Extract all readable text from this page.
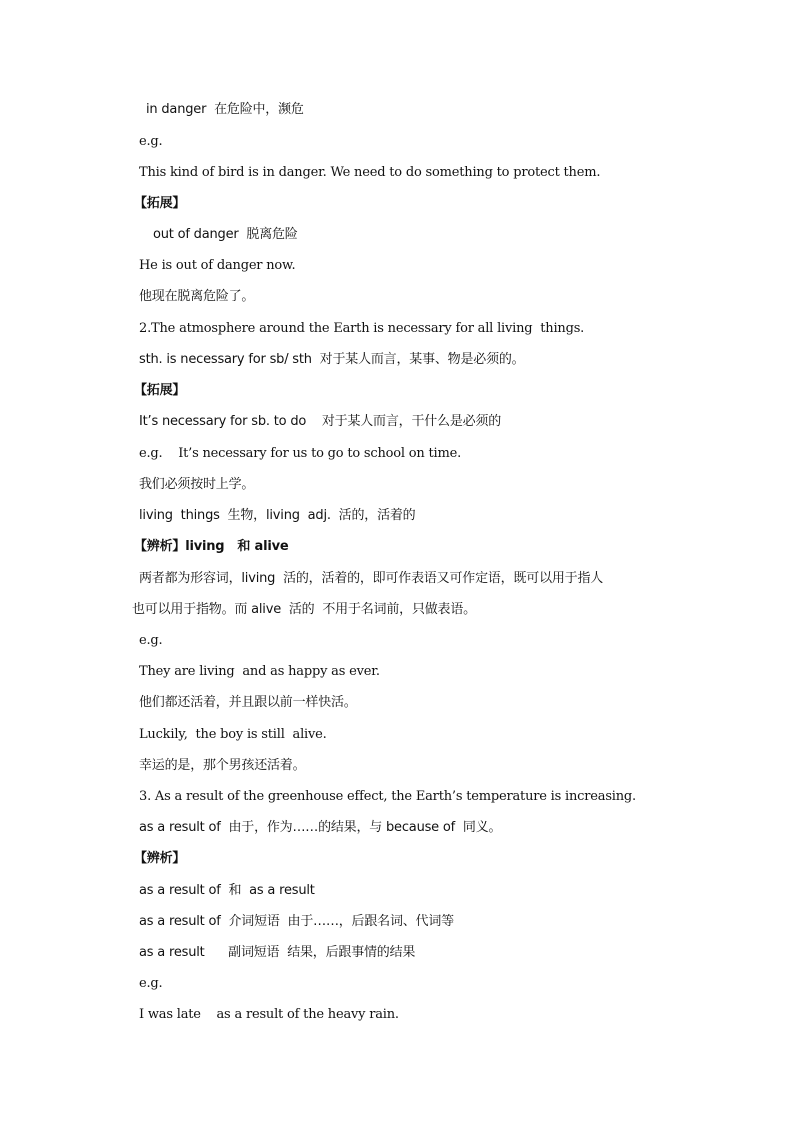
in danger  在危险中，濒危
e.g.
This kind of bird is in danger. We need to do something to protect them.
【拓展】
out of danger  脱离危险
He is out of danger now.
他现在脱离危险了。
2.The atmosphere around the Earth is necessary for all living  things.
sth. is necessary for sb/ sth  对于某人而言，某事、物是必须的。
【拓展】
It’s necessary for sb. to do    对于某人而言，干什么是必须的
e.g.    It’s necessary for us to go to school on time.
我们必须按时上学。
living  things  生物，living  adj.  活的，活着的
【辨析】living   和 alive
两者都为形容词，living  活的，活着的，即可作表语又可作定语，既可以用于指人
也可以用于指物。而 alive  活的  不用于名词前，只做表语。
e.g.
They are living  and as happy as ever.
他们都还活着，并且跟以前一样快活。
Luckily,  the boy is still  alive.
幸运的是，那个男孩还活着。
3. As a result of the greenhouse effect, the Earth’s temperature is increasing.
as a result of  由于，作为……的结果，与 because of  同义。
【辨析】
as a result of  和  as a result
as a result of  介词短语  由于……，后跟名词、代词等
as a result      副词短语  结果，后跟事情的结果
e.g.
I was late    as a result of the heavy rain.
